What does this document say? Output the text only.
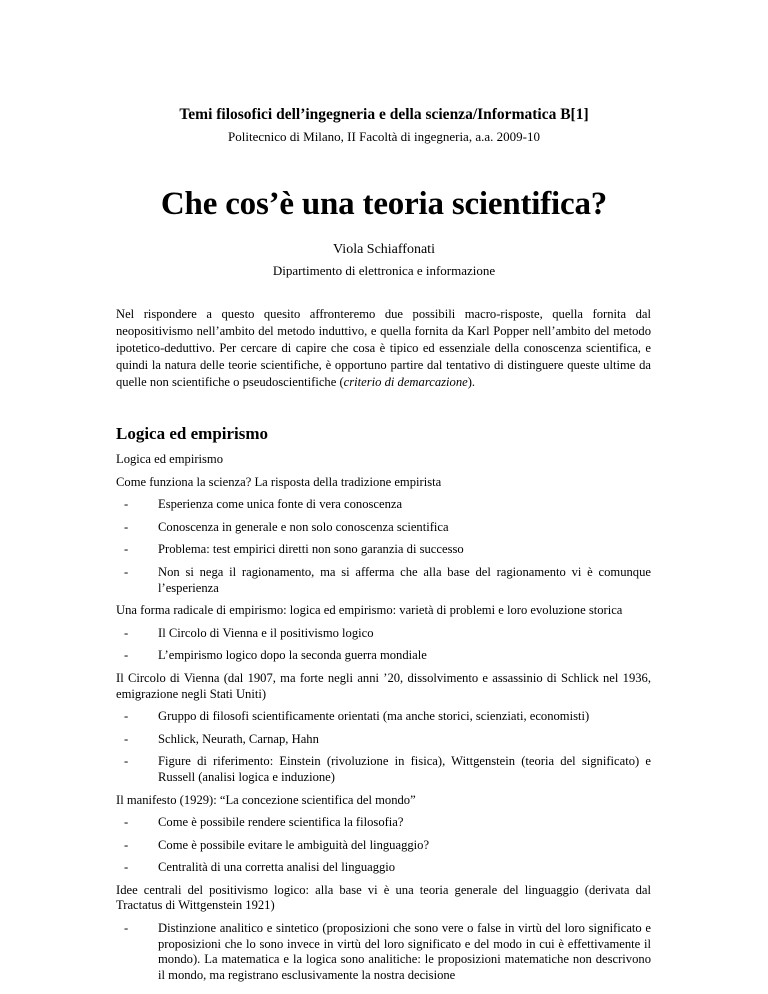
Temi filosofici dell’ingegneria e della scienza/Informatica B[1]
Politecnico di Milano, II Facoltà di ingegneria, a.a. 2009-10
Che cos’è una teoria scientifica?
Viola Schiaffonati
Dipartimento di elettronica e informazione
Nel rispondere a questo quesito affronteremo due possibili macro-risposte, quella fornita dal neopositivismo nell’ambito del metodo induttivo, e quella fornita da Karl Popper nell’ambito del metodo ipotetico-deduttivo. Per cercare di capire che cosa è tipico ed essenziale della conoscenza scientifica, e quindi la natura delle teorie scientifiche, è opportuno partire dal tentativo di distinguere queste ultime da quelle non scientifiche o pseudoscientifiche (criterio di demarcazione).
Logica ed empirismo
Logica ed empirismo
Come funziona la scienza? La risposta della tradizione empirista
- Esperienza come unica fonte di vera conoscenza
- Conoscenza in generale e non solo conoscenza scientifica
- Problema: test empirici diretti non sono garanzia di successo
- Non si nega il ragionamento, ma si afferma che alla base del ragionamento vi è comunque l’esperienza
Una forma radicale di empirismo: logica ed empirismo: varietà di problemi e loro evoluzione storica
- Il Circolo di Vienna e il positivismo logico
- L’empirismo logico dopo la seconda guerra mondiale
Il Circolo di Vienna (dal 1907, ma forte negli anni ’20, dissolvimento e assassinio di Schlick nel 1936, emigrazione negli Stati Uniti)
- Gruppo di filosofi scientificamente orientati (ma anche storici, scienziati, economisti)
- Schlick, Neurath, Carnap, Hahn
- Figure di riferimento: Einstein (rivoluzione in fisica), Wittgenstein (teoria del significato) e Russell (analisi logica e induzione)
Il manifesto (1929): “La concezione scientifica del mondo”
- Come è possibile rendere scientifica la filosofia?
- Come è possibile evitare le ambiguità del linguaggio?
- Centralità di una corretta analisi del linguaggio
Idee centrali del positivismo logico: alla base vi è una teoria generale del linguaggio (derivata dal Tractatus di Wittgenstein 1921)
- Distinzione analitico e sintetico (proposizioni che sono vere o false in virtù del loro significato e proposizioni che lo sono invece in virtù del loro significato e del modo in cui è effettivamente il mondo). La matematica e la logica sono analitiche: le proposizioni matematiche non descrivono il mondo, ma registrano esclusivamente la nostra decisione
